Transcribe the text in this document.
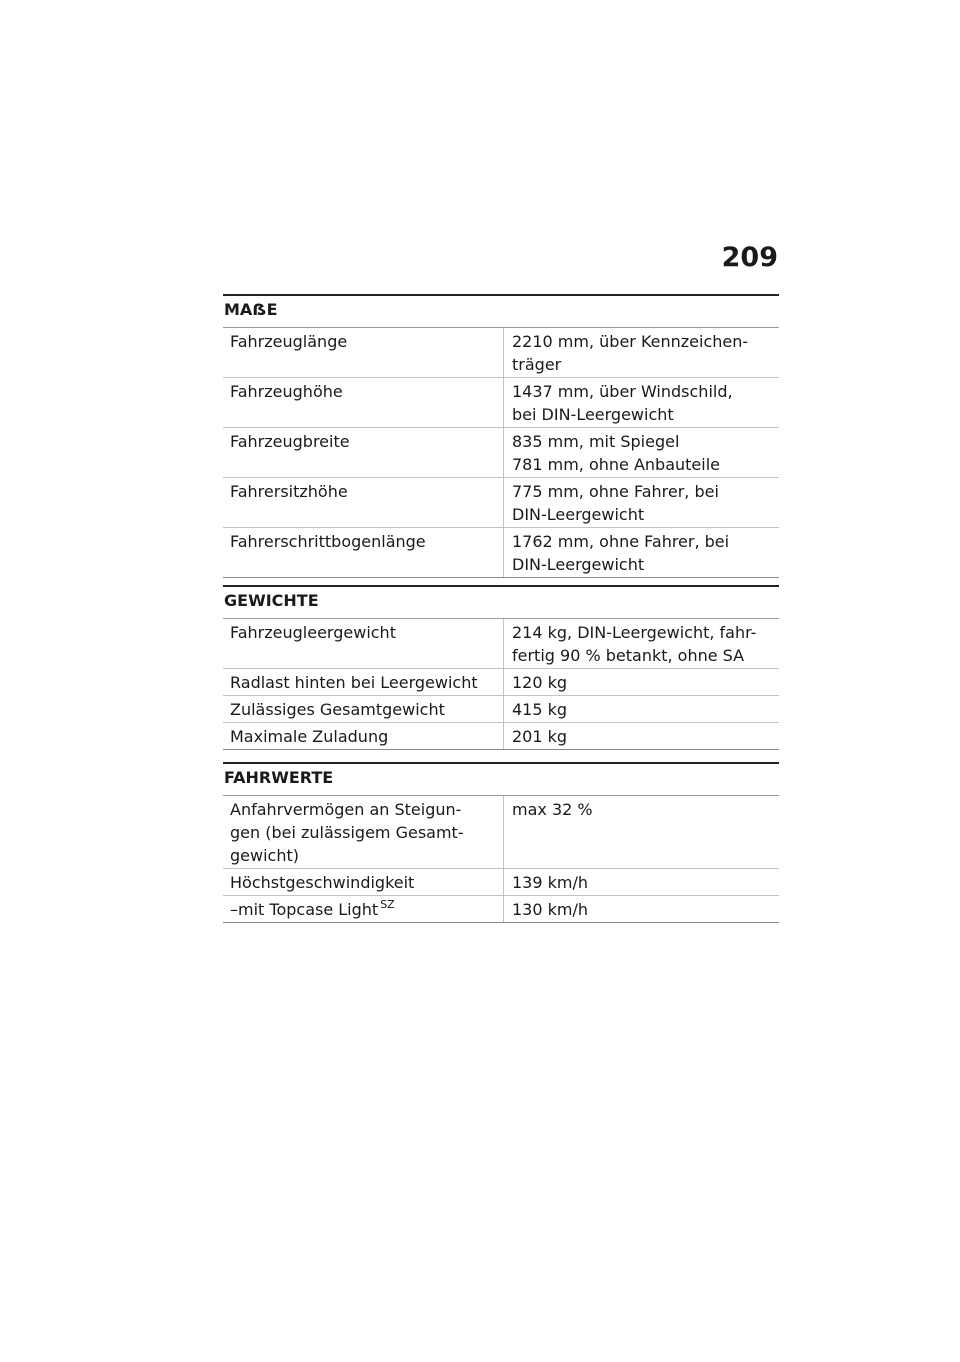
209
MAẞE
Fahrzeuglänge	2210 mm, über Kennzeichen-
träger

Fahrzeughöhe	1437 mm, über Windschild,
bei DIN-Leergewicht

Fahrzeugbreite	835 mm, mit Spiegel
781 mm, ohne Anbauteile

Fahrersitzhöhe	775 mm, ohne Fahrer, bei
DIN-Leergewicht

Fahrerschrittbogenlänge	1762 mm, ohne Fahrer, bei
DIN-Leergewicht
GEWICHTE
Fahrzeugleergewicht	214 kg, DIN-Leergewicht, fahr-
fertig 90 % betankt, ohne SA

Radlast hinten bei Leergewicht	120 kg

Zulässiges Gesamtgewicht	415 kg

Maximale Zuladung	201 kg
FAHRWERTE
Anfahrvermögen an Steigun-
gen (bei zulässigem Gesamt-
gewicht)	max 32 %

Höchstgeschwindigkeit	139 km/h

–mit Topcase Light $^{SZ}$	130 km/h
